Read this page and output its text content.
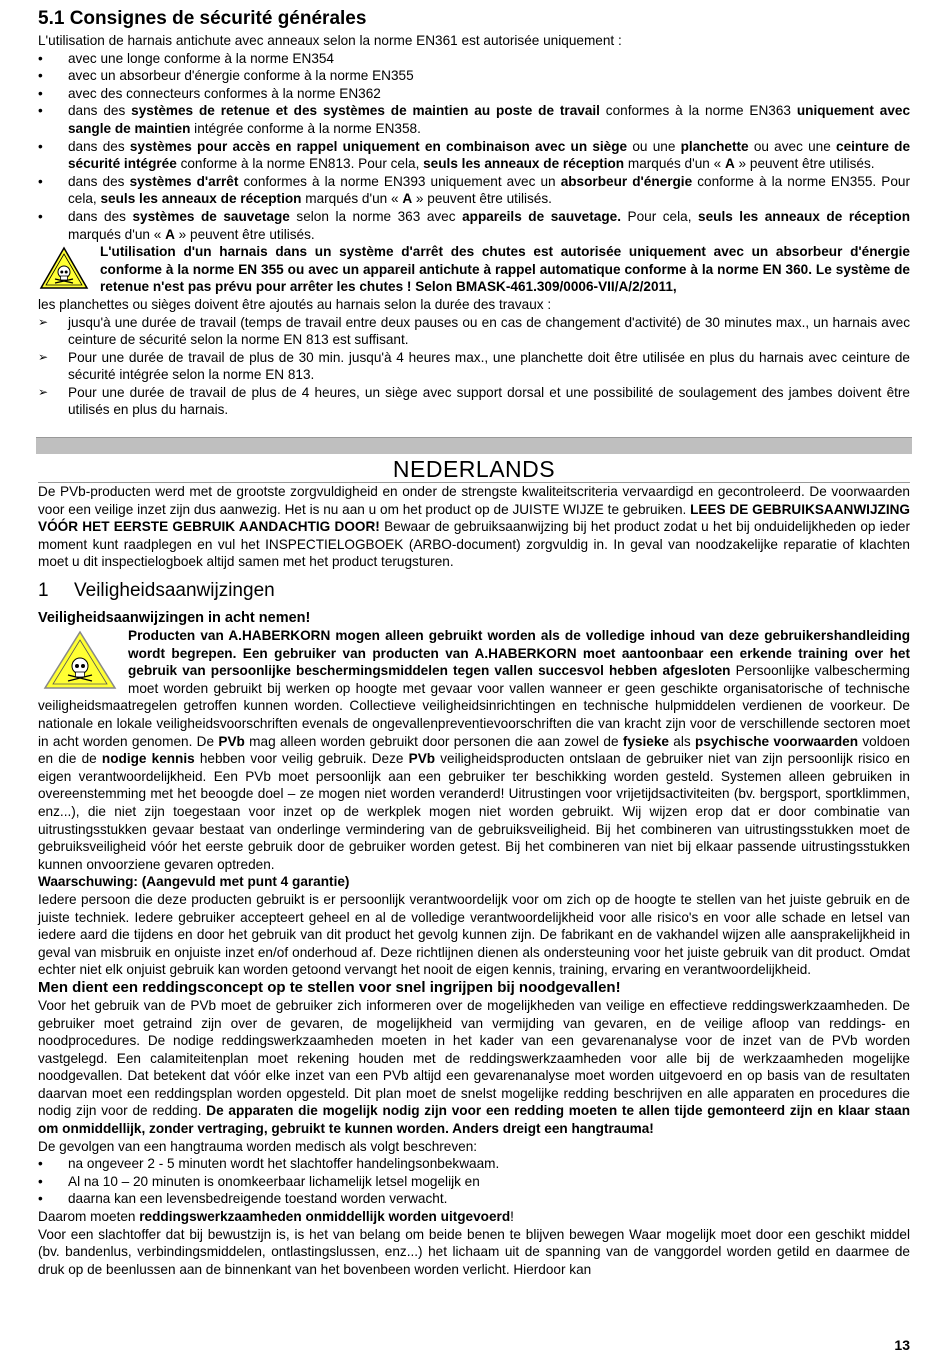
5.1 Consignes de sécurité générales

L'utilisation de harnais antichute avec anneaux selon la norme EN361 est autorisée uniquement :

• avec une longe conforme à la norme EN354
• avec un absorbeur d'énergie conforme à la norme EN355
• avec des connecteurs conformes à la norme EN362
• dans des systèmes de retenue et des systèmes de maintien au poste de travail conformes à la norme EN363 uniquement avec sangle de maintien intégrée conforme à la norme EN358.
• dans des systèmes pour accès en rappel uniquement en combinaison avec un siège ou une planchette ou avec une ceinture de sécurité intégrée conforme à la norme EN813. Pour cela, seuls les anneaux de réception marqués d'un « A » peuvent être utilisés.
• dans des systèmes d'arrêt conformes à la norme EN393 uniquement avec un absorbeur d'énergie conforme à la norme EN355. Pour cela, seuls les anneaux de réception marqués d'un « A » peuvent être utilisés.
• dans des systèmes de sauvetage selon la norme 363 avec appareils de sauvetage. Pour cela, seuls les anneaux de réception marqués d'un « A » peuvent être utilisés.
L'utilisation d'un harnais dans un système d'arrêt des chutes est autorisée uniquement avec un absorbeur d'énergie conforme à la norme EN 355 ou avec un appareil antichute à rappel automatique conforme à la norme EN 360. Le système de retenue n'est pas prévu pour arrêter les chutes ! Selon BMASK-461.309/0006-VII/A/2/2011,

les planchettes ou sièges doivent être ajoutés au harnais selon la durée des travaux :

➢ jusqu'à une durée de travail (temps de travail entre deux pauses ou en cas de changement d'activité) de 30 minutes max., un harnais avec ceinture de sécurité selon la norme EN 813 est suffisant.
➢ Pour une durée de travail de plus de 30 min. jusqu'à 4 heures max., une planchette doit être utilisée en plus du harnais avec ceinture de sécurité intégrée selon la norme EN 813.
➢ Pour une durée de travail de plus de 4 heures, un siège avec support dorsal et une possibilité de soulagement des jambes doivent être utilisés en plus du harnais.
NEDERLANDS

De PVb-producten werd met de grootste zorgvuldigheid en onder de strengste kwaliteitscriteria vervaardigd en gecontroleerd. De voorwaarden voor een veilige inzet zijn dus aanwezig. Het is nu aan u om het product op de JUISTE WIJZE te gebruiken. LEES DE GEBRUIKSAANWIJZING VÓÓR HET EERSTE GEBRUIK AANDACHTIG DOOR! Bewaar de gebruiksaanwijzing bij het product zodat u het bij onduidelijkheden op ieder moment kunt raadplegen en vul het INSPECTIELOGBOEK (ARBO-document) zorgvuldig in. In geval van noodzakelijke reparatie of klachten moet u dit inspectielogboek altijd samen met het product terugsturen.

1 Veiligheidsaanwijzingen
Veiligheidsaanwijzingen in acht nemen!

Producten van A.HABERKORN mogen alleen gebruikt worden als de volledige inhoud van deze gebruikershandleiding wordt begrepen. Een gebruiker van producten van A.HABERKORN moet aantoonbaar een erkende training over het gebruik van persoonlijke beschermingsmiddelen tegen vallen succesvol hebben afgesloten Persoonlijke valbescherming moet worden gebruikt bij werken op hoogte met gevaar voor vallen wanneer er geen geschikte organisatorische of technische veiligheidsmaatregelen getroffen kunnen worden. Collectieve veiligheidsinrichtingen en technische hulpmiddelen verdienen de voorkeur. De nationale en lokale veiligheidsvoorschriften evenals de ongevallenpreventievoorschriften die van kracht zijn voor de verschillende sectoren moet in acht worden genomen. De PVb mag alleen worden gebruikt door personen die aan zowel de fysieke als psychische voorwaarden voldoen en die de nodige kennis hebben voor veilig gebruik. Deze PVb veiligheidsproducten ontslaan de gebruiker niet van zijn persoonlijk risico en eigen verantwoordelijkheid. Een PVb moet persoonlijk aan een gebruiker ter beschikking worden gesteld. Systemen alleen gebruiken in overeenstemming met het beoogde doel – ze mogen niet worden veranderd! Uitrustingen voor vrijetijdsactiviteiten (bv. bergsport, sportklimmen, enz...), die niet zijn toegestaan voor inzet op de werkplek mogen niet worden gebruikt. Wij wijzen erop dat er door combinatie van uitrustingsstukken gevaar bestaat van onderlinge vermindering van de gebruiksveiligheid. Bij het combineren van uitrustingsstukken moet de gebruiksveiligheid vóór het eerste gebruik door de gebruiker worden getest. Bij het combineren van niet bij elkaar passende uitrustingsstukken kunnen onvoorziene gevaren optreden.

Waarschuwing: (Aangevuld met punt 4 garantie)

Iedere persoon die deze producten gebruikt is er persoonlijk verantwoordelijk voor om zich op de hoogte te stellen van het juiste gebruik en de juiste techniek. Iedere gebruiker accepteert geheel en al de volledige verantwoordelijkheid voor alle risico's en voor alle schade en letsel van iedere aard die tijdens en door het gebruik van dit product het gevolg kunnen zijn. De fabrikant en de vakhandel wijzen alle aansprakelijkheid in geval van misbruik en onjuiste inzet en/of onderhoud af. Deze richtlijnen dienen als ondersteuning voor het juiste gebruik van dit product. Omdat echter niet elk onjuist gebruik kan worden getoond vervangt het nooit de eigen kennis, training, ervaring en verantwoordelijkheid.

Men dient een reddingsconcept op te stellen voor snel ingrijpen bij noodgevallen!

Voor het gebruik van de PVb moet de gebruiker zich informeren over de mogelijkheden van veilige en effectieve reddingswerkzaamheden. De gebruiker moet getraind zijn over de gevaren, de mogelijkheid van vermijding van gevaren, en de veilige afloop van reddings- en noodprocedures. De nodige reddingswerkzaamheden moeten in het kader van een gevarenanalyse voor de inzet van de PVb worden vastgelegd. Een calamiteitenplan moet rekening houden met de reddingswerkzaamheden voor alle bij de werkzaamheden mogelijke noodgevallen. Dat betekent dat vóór elke inzet van een PVb altijd een gevarenanalyse moet worden uitgevoerd en op basis van de resultaten daarvan moet een reddingsplan worden opgesteld. Dit plan moet de snelst mogelijke redding beschrijven en alle apparaten en procedures die nodig zijn voor de redding. De apparaten die mogelijk nodig zijn voor een redding moeten te allen tijde gemonteerd zijn en klaar staan om onmiddellijk, zonder vertraging, gebruikt te kunnen worden. Anders dreigt een hangtrauma!

De gevolgen van een hangtrauma worden medisch als volgt beschreven:

• na ongeveer 2 - 5 minuten wordt het slachtoffer handelingsonbekwaam.
• Al na 10 – 20 minuten is onomkeerbaar lichamelijk letsel mogelijk en
• daarna kan een levensbedreigende toestand worden verwacht.

Daarom moeten reddingswerkzaamheden onmiddellijk worden uitgevoerd!

Voor een slachtoffer dat bij bewustzijn is, is het van belang om beide benen te blijven bewegen Waar mogelijk moet door een geschikt middel (bv. bandenlus, verbindingsmiddelen, ontlastingslussen, enz...) het lichaam uit de spanning van de vanggordel worden getild en daarmee de druk op de beenlussen aan de binnenkant van het bovenbeen worden verlicht. Hierdoor kan

13
